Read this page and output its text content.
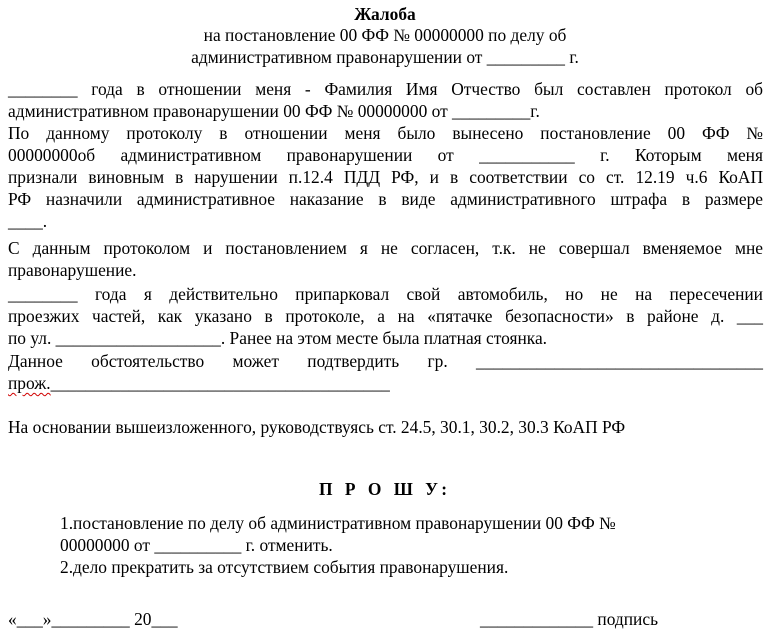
Жалоба
на постановление 00 ФФ № 00000000 по делу об
административном правонарушении от _________ г.
________ года в отношении меня - Фамилия Имя Отчество был составлен протокол об
административном правонарушении 00 ФФ № 00000000 от _________г.
По данному протоколу в отношении меня было вынесено постановление 00 ФФ №
00000000об административном правонарушении от ___________ г. Которым меня
признали виновным в нарушении п.12.4 ПДД РФ, и в соответствии со ст. 12.19 ч.6 КоАП
РФ назначили административное наказание в виде административного штрафа в размере
____.
С данным протоколом и постановлением я не согласен, т.к. не совершал вменяемое мне
правонарушение.
________ года я действительно припарковал свой автомобиль, но не на пересечении
проезжих частей, как указано в протоколе, а на «пятачке безопасности» в районе д. ___
по ул. ___________________. Ранее на этом месте была платная стоянка.
Данное обстоятельство может подтвердить гр. _________________________________
прож._______________________________________
На основании вышеизложенного, руководствуясь ст. 24.5, 30.1, 30.2, 30.3 КоАП РФ
П Р О Ш У:
1.постановление по делу об административном правонарушении 00 ФФ №
00000000 от __________ г. отменить.
2.дело прекратить за отсутствием события правонарушения.
«___»_________ 20___	_____________ подпись
